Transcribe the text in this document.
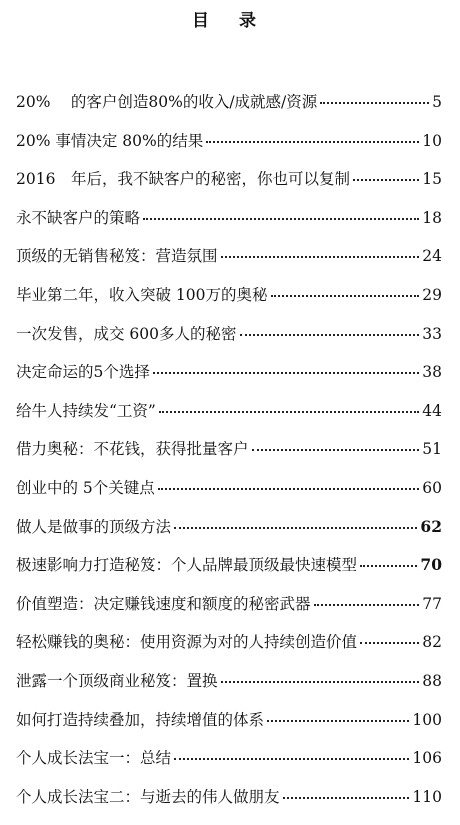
目 录
20%　 的客户创造80%的收入/成就感/资源	5
20% 事情决定 80%的结果	10
2016　年后，我不缺客户的秘密，你也可以复制	15
永不缺客户的策略	18
顶级的无销售秘笈：营造氛围	24
毕业第二年，收入突破 100万的奥秘	29
一次发售，成交 600多人的秘密	33
决定命运的5个选择	38
给牛人持续发“工资”	44
借力奥秘：不花钱，获得批量客户	51
创业中的 5个关键点	60
做人是做事的顶级方法	62
极速影响力打造秘笈：个人品牌最顶级最快速模型	70
价值塑造：决定赚钱速度和额度的秘密武器	77
轻松赚钱的奥秘：使用资源为对的人持续创造价值	82
泄露一个顶级商业秘笈：置换	88
如何打造持续叠加，持续增值的体系	100
个人成长法宝一：总结	106
个人成长法宝二：与逝去的伟人做朋友	110
